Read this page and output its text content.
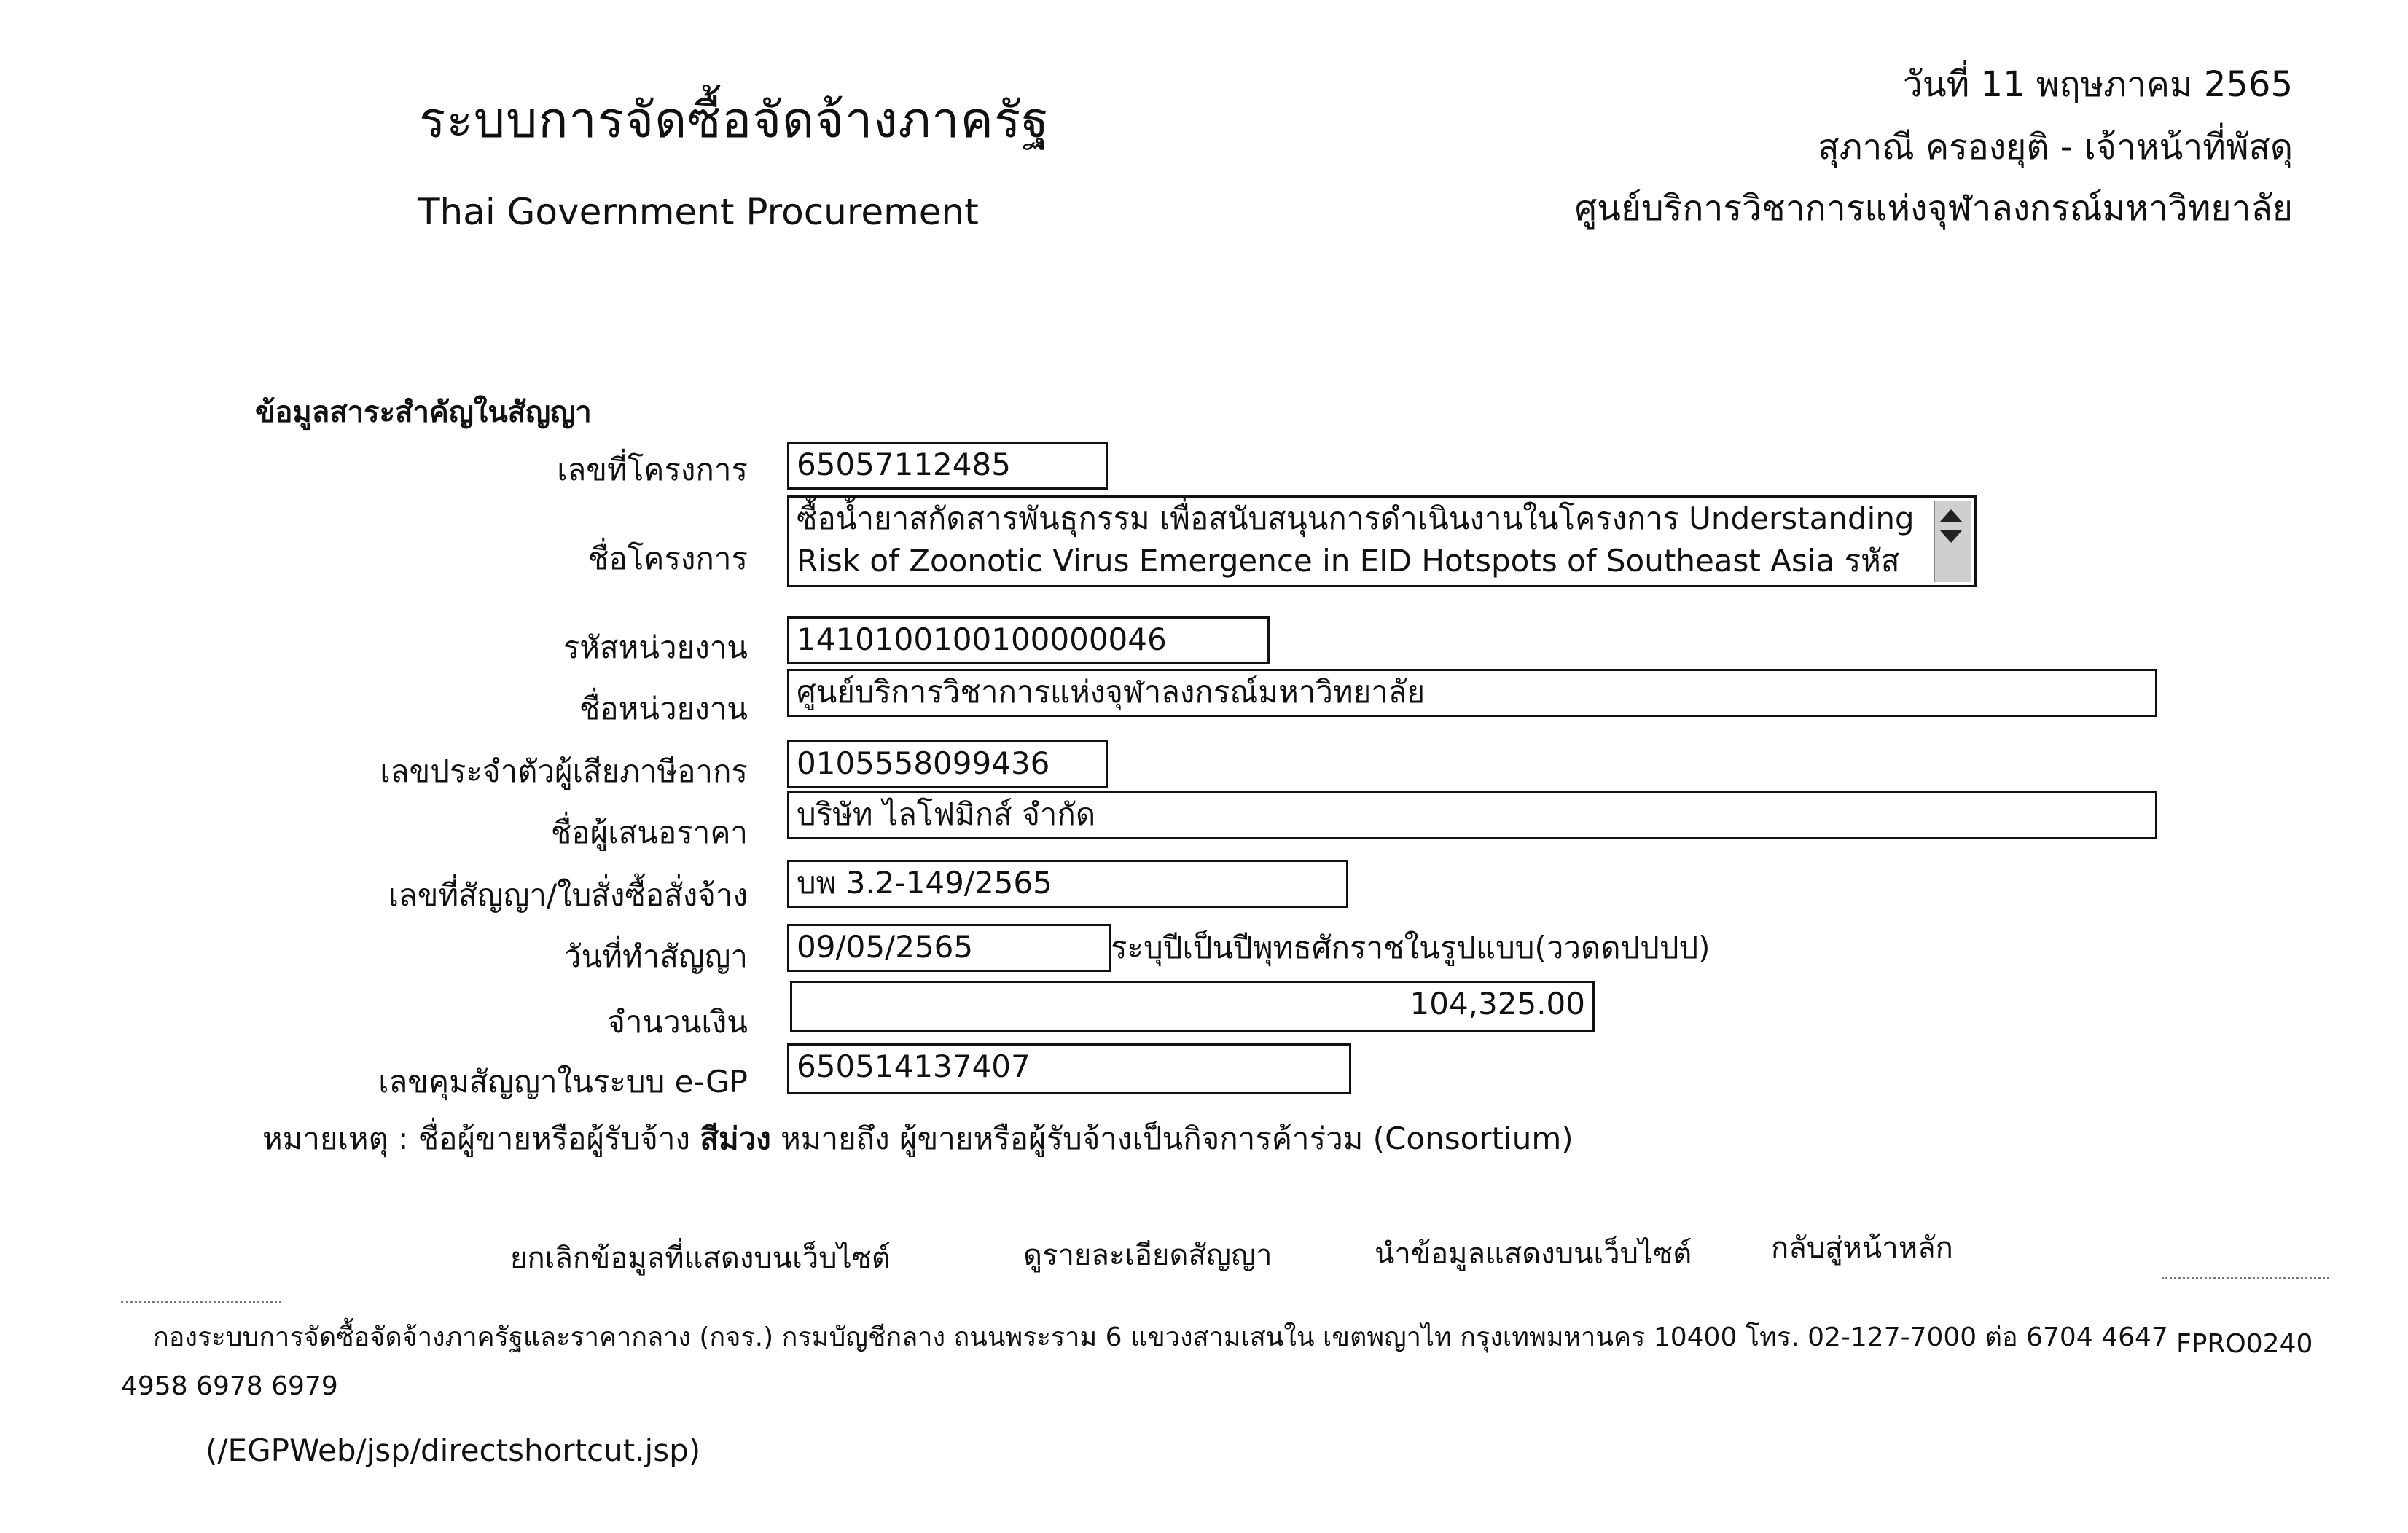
ระบบการจัดซื้อจัดจ้างภาครัฐ
Thai Government Procurement
วันที่ 11 พฤษภาคม 2565
สุภาณี ครองยุติ - เจ้าหน้าที่พัสดุ
ศูนย์บริการวิชาการแห่งจุฬาลงกรณ์มหาวิทยาลัย
ข้อมูลสาระสำคัญในสัญญา
เลขที่โครงการ	65057112485
ชื่อโครงการ
ซื้อน้ำยาสกัดสารพันธุกรรม เพื่อสนับสนุนการดำเนินงานในโครงการ Understanding Risk of Zoonotic Virus Emergence in EID Hotspots of Southeast Asia รหัส
รหัสหน่วยงาน	1410100100100000046
ชื่อหน่วยงาน	ศูนย์บริการวิชาการแห่งจุฬาลงกรณ์มหาวิทยาลัย
เลขประจำตัวผู้เสียภาษีอากร	0105558099436
ชื่อผู้เสนอราคา
บริษัท ไลโฟมิกส์ จำกัด
เลขที่สัญญา/ใบสั่งซื้อสั่งจ้าง	บพ 3.2-149/2565
วันที่ทำสัญญา	09/05/2565	ระบุปีเป็นปีพุทธศักราชในรูปแบบ(ววดดปปปป)
จำนวนเงิน
104,325.00
เลขคุมสัญญาในระบบ e-GP	650514137407
หมายเหตุ : ชื่อผู้ขายหรือผู้รับจ้าง สีม่วง หมายถึง ผู้ขายหรือผู้รับจ้างเป็นกิจการค้าร่วม (Consortium)
ยกเลิกข้อมูลที่แสดงบนเว็บไซต์	ดูรายละเอียดสัญญา	นำข้อมูลแสดงบนเว็บไซต์	กลับสู่หน้าหลัก
กองระบบการจัดซื้อจัดจ้างภาครัฐและราคากลาง (กจร.) กรมบัญชีกลาง ถนนพระราม 6 แขวงสามเสนใน เขตพญาไท กรุงเทพมหานคร 10400 โทร. 02-127-7000 ต่อ 6704 4647 FPRO0240
4958 6978 6979
(/EGPWeb/jsp/directshortcut.jsp)
